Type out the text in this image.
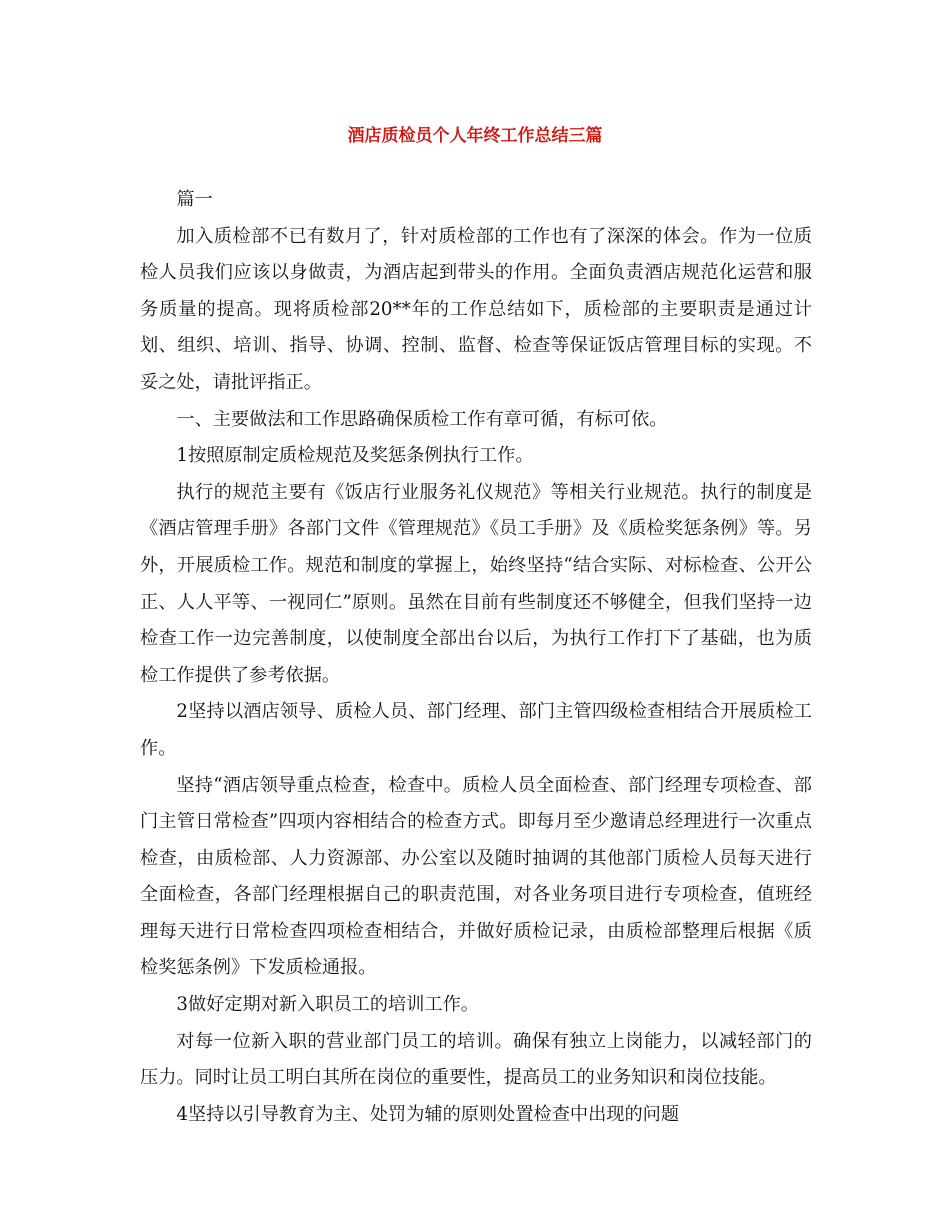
酒店质检员个人年终工作总结三篇

篇一

加入质检部不已有数月了，针对质检部的工作也有了深深的体会。作为一位质检人员我们应该以身做责，为酒店起到带头的作用。全面负责酒店规范化运营和服务质量的提高。现将质检部20**年的工作总结如下，质检部的主要职责是通过计划、组织、培训、指导、协调、控制、监督、检查等保证饭店管理目标的实现。不妥之处，请批评指正。

一、主要做法和工作思路确保质检工作有章可循，有标可依。

1按照原制定质检规范及奖惩条例执行工作。

执行的规范主要有《饭店行业服务礼仪规范》等相关行业规范。执行的制度是《酒店管理手册》各部门文件《管理规范》《员工手册》及《质检奖惩条例》等。另外，开展质检工作。规范和制度的掌握上，始终坚持“结合实际、对标检查、公开公正、人人平等、一视同仁”原则。虽然在目前有些制度还不够健全，但我们坚持一边检查工作一边完善制度，以使制度全部出台以后，为执行工作打下了基础，也为质检工作提供了参考依据。

2坚持以酒店领导、质检人员、部门经理、部门主管四级检查相结合开展质检工作。

坚持“酒店领导重点检查，检查中。质检人员全面检查、部门经理专项检查、部门主管日常检查”四项内容相结合的检查方式。即每月至少邀请总经理进行一次重点检查，由质检部、人力资源部、办公室以及随时抽调的其他部门质检人员每天进行全面检查，各部门经理根据自己的职责范围，对各业务项目进行专项检查，值班经理每天进行日常检查四项检查相结合，并做好质检记录，由质检部整理后根据《质检奖惩条例》下发质检通报。

3做好定期对新入职员工的培训工作。

对每一位新入职的营业部门员工的培训。确保有独立上岗能力，以减轻部门的压力。同时让员工明白其所在岗位的重要性，提高员工的业务知识和岗位技能。

4坚持以引导教育为主、处罚为辅的原则处置检查中出现的问题
